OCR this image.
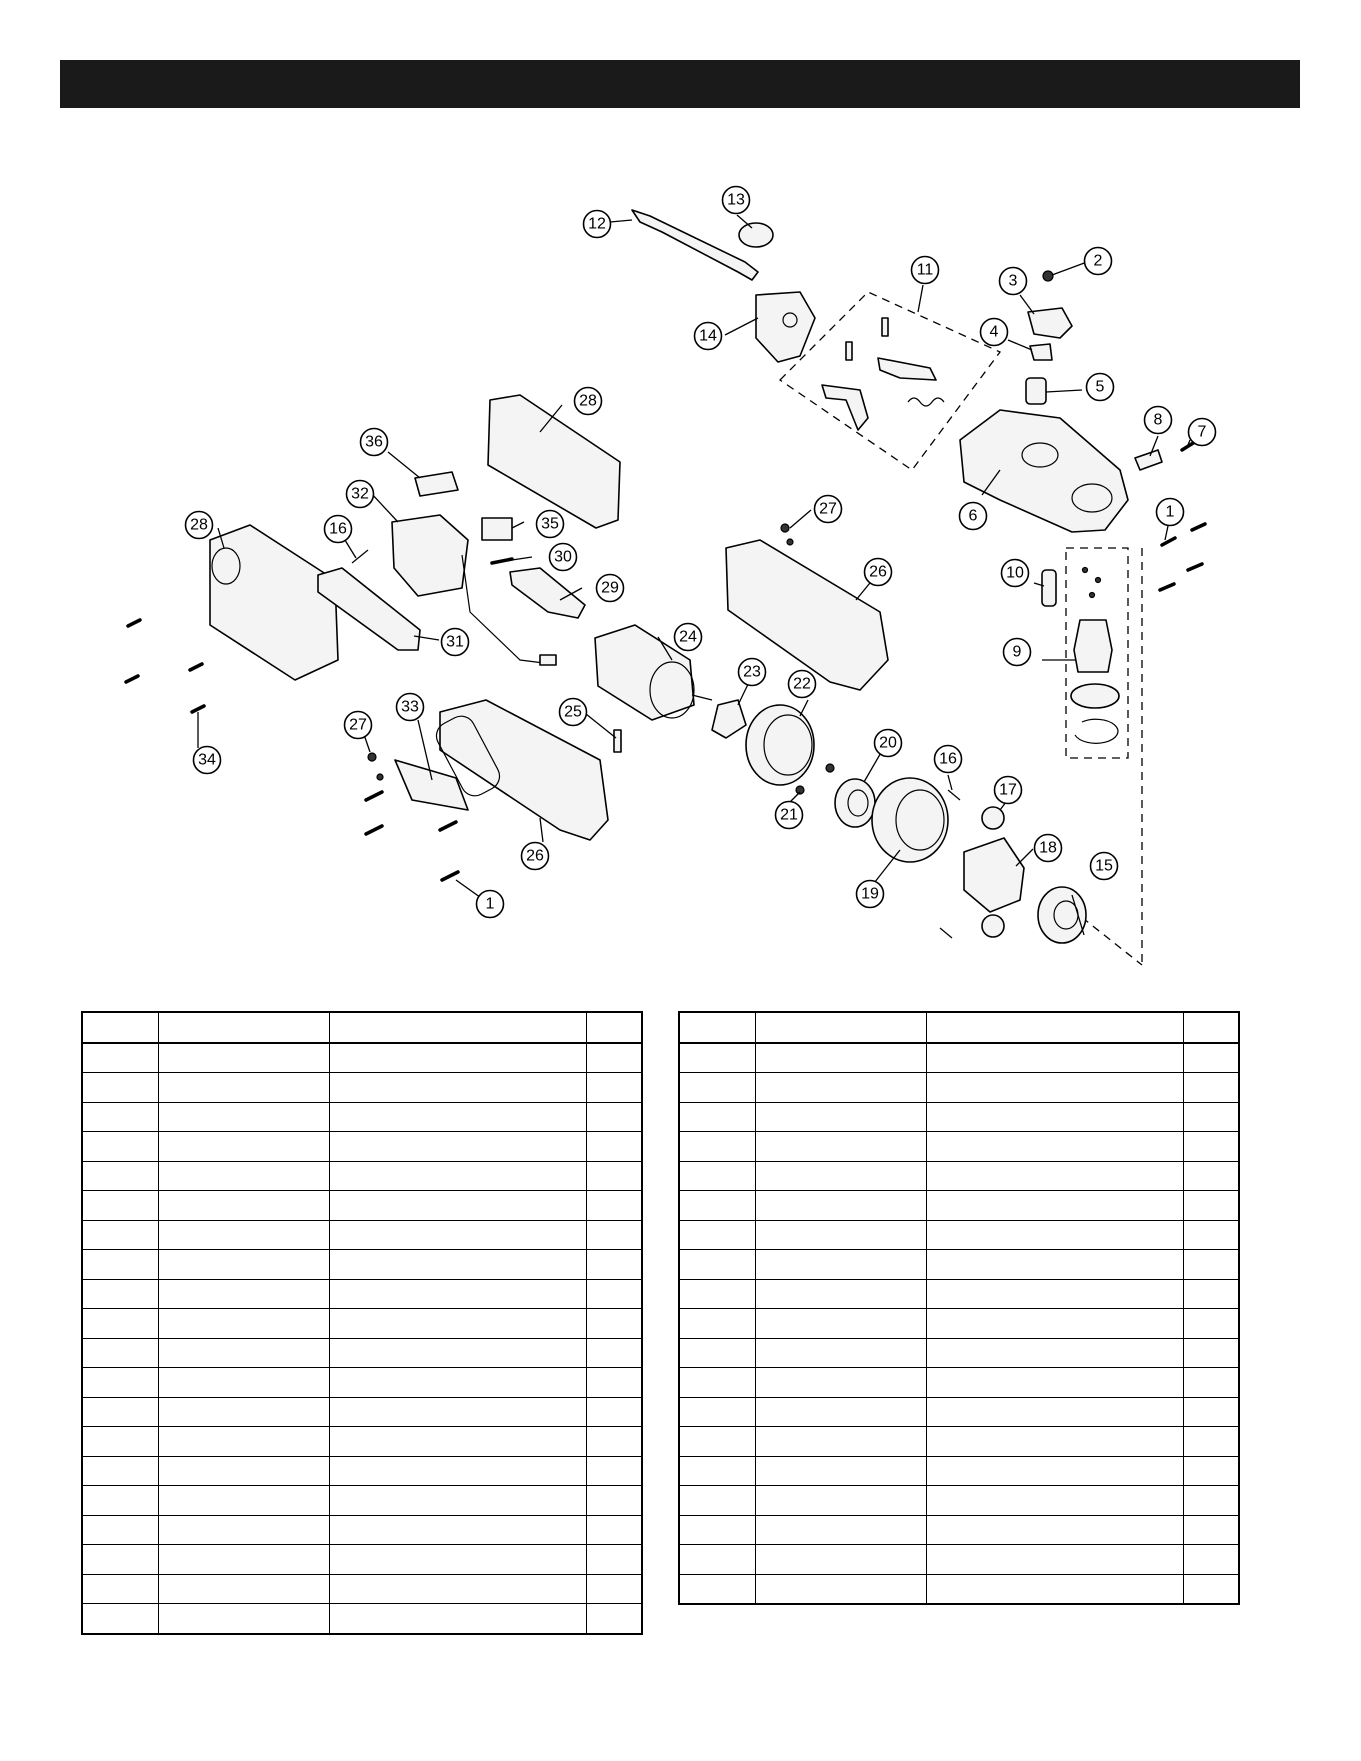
1
1
2
3
4
5
6
7
8
9
10
11
12
13
14
15
16
16
17
18
19
20
21
22
23
24
25
26
26
27
27
28
28
29
30
31
32
33
34
35
36
